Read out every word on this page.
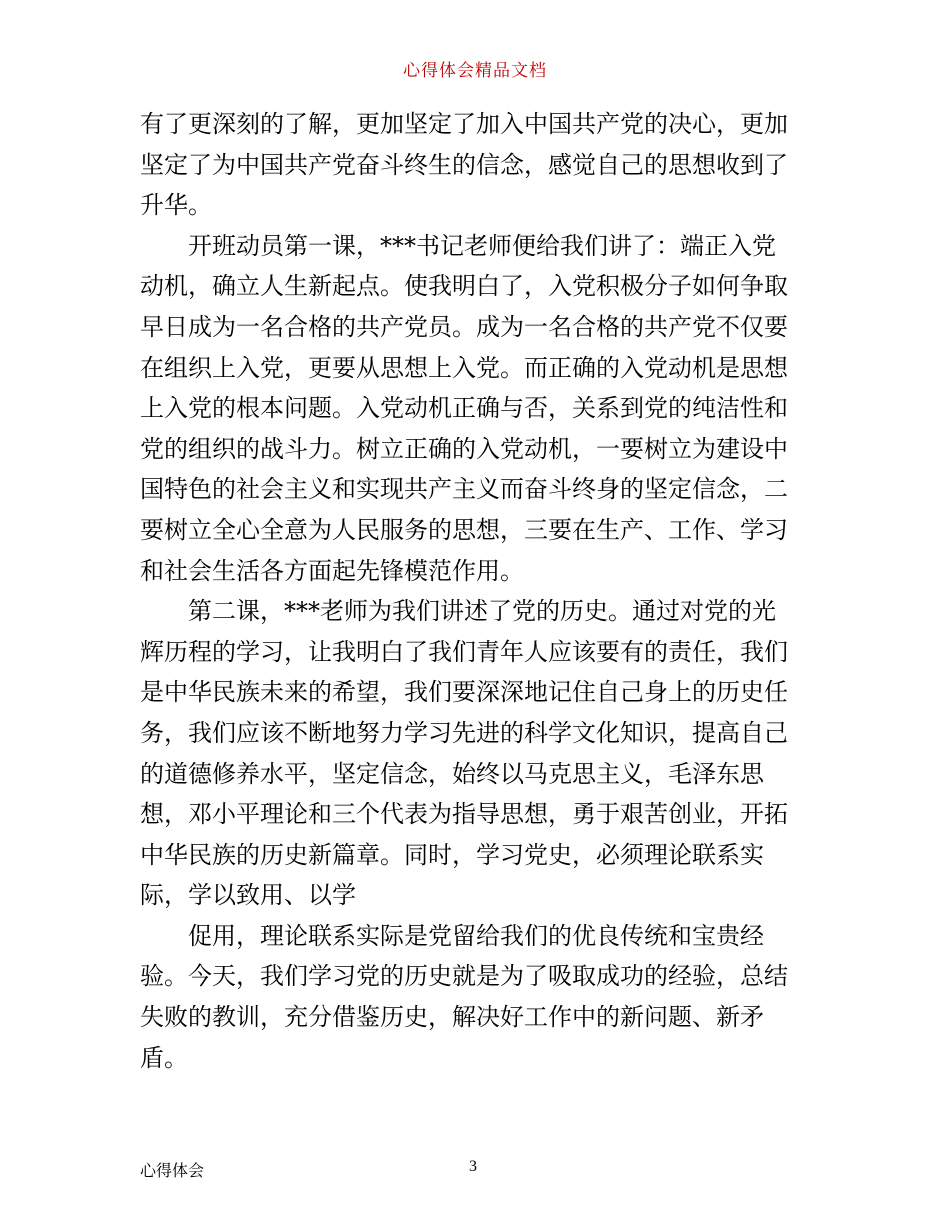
心得体会精品文档

有了更深刻的了解，更加坚定了加入中国共产党的决心，更加
坚定了为中国共产党奋斗终生的信念，感觉自己的思想收到了
升华。

开班动员第一课，***书记老师便给我们讲了：端正入党
动机，确立人生新起点。使我明白了，入党积极分子如何争取
早日成为一名合格的共产党员。成为一名合格的共产党不仅要
在组织上入党，更要从思想上入党。而正确的入党动机是思想
上入党的根本问题。入党动机正确与否，关系到党的纯洁性和
党的组织的战斗力。树立正确的入党动机，一要树立为建设中
国特色的社会主义和实现共产主义而奋斗终身的坚定信念，二
要树立全心全意为人民服务的思想，三要在生产、工作、学习
和社会生活各方面起先锋模范作用。

第二课，***老师为我们讲述了党的历史。通过对党的光
辉历程的学习，让我明白了我们青年人应该要有的责任，我们
是中华民族未来的希望，我们要深深地记住自己身上的历史任
务，我们应该不断地努力学习先进的科学文化知识，提高自己
的道德修养水平，坚定信念，始终以马克思主义，毛泽东思
想，邓小平理论和三个代表为指导思想，勇于艰苦创业，开拓
中华民族的历史新篇章。同时，学习党史，必须理论联系实
际，学以致用、以学

促用，理论联系实际是党留给我们的优良传统和宝贵经
验。今天，我们学习党的历史就是为了吸取成功的经验，总结
失败的教训，充分借鉴历史，解决好工作中的新问题、新矛
盾。

心得体会	3
